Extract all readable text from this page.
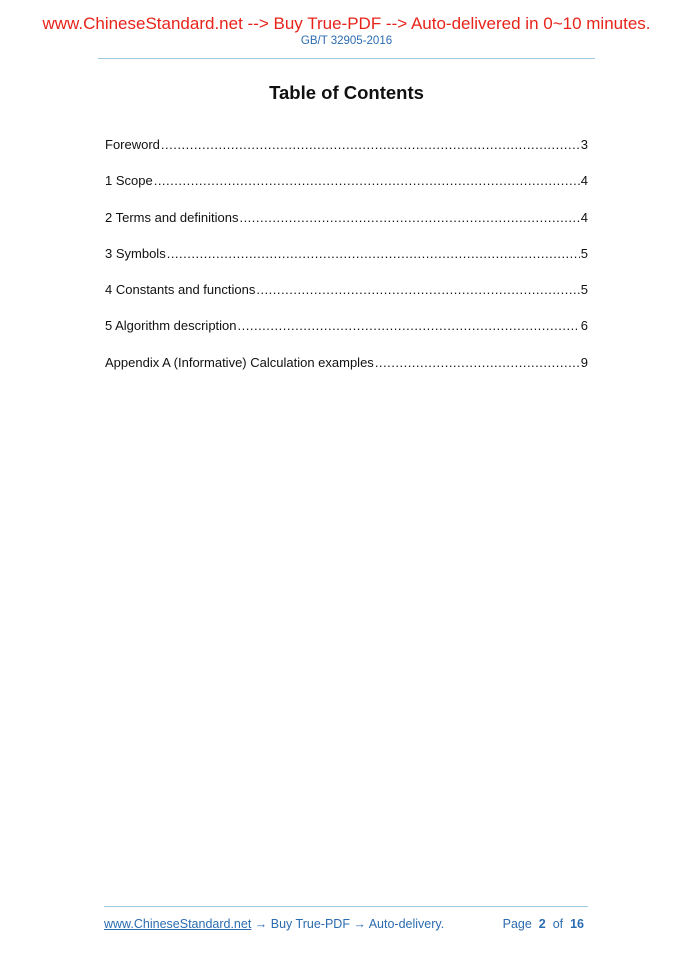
www.ChineseStandard.net --> Buy True-PDF --> Auto-delivered in 0~10 minutes.
GB/T 32905-2016
Table of Contents
Foreword .....	3
1 Scope .....	4
2 Terms and definitions .....	4
3 Symbols .....	5
4 Constants and functions .....	5
5 Algorithm description .....	6
Appendix A (Informative) Calculation examples .....	9
www.ChineseStandard.net → Buy True-PDF → Auto-delivery.	Page 2 of 16
